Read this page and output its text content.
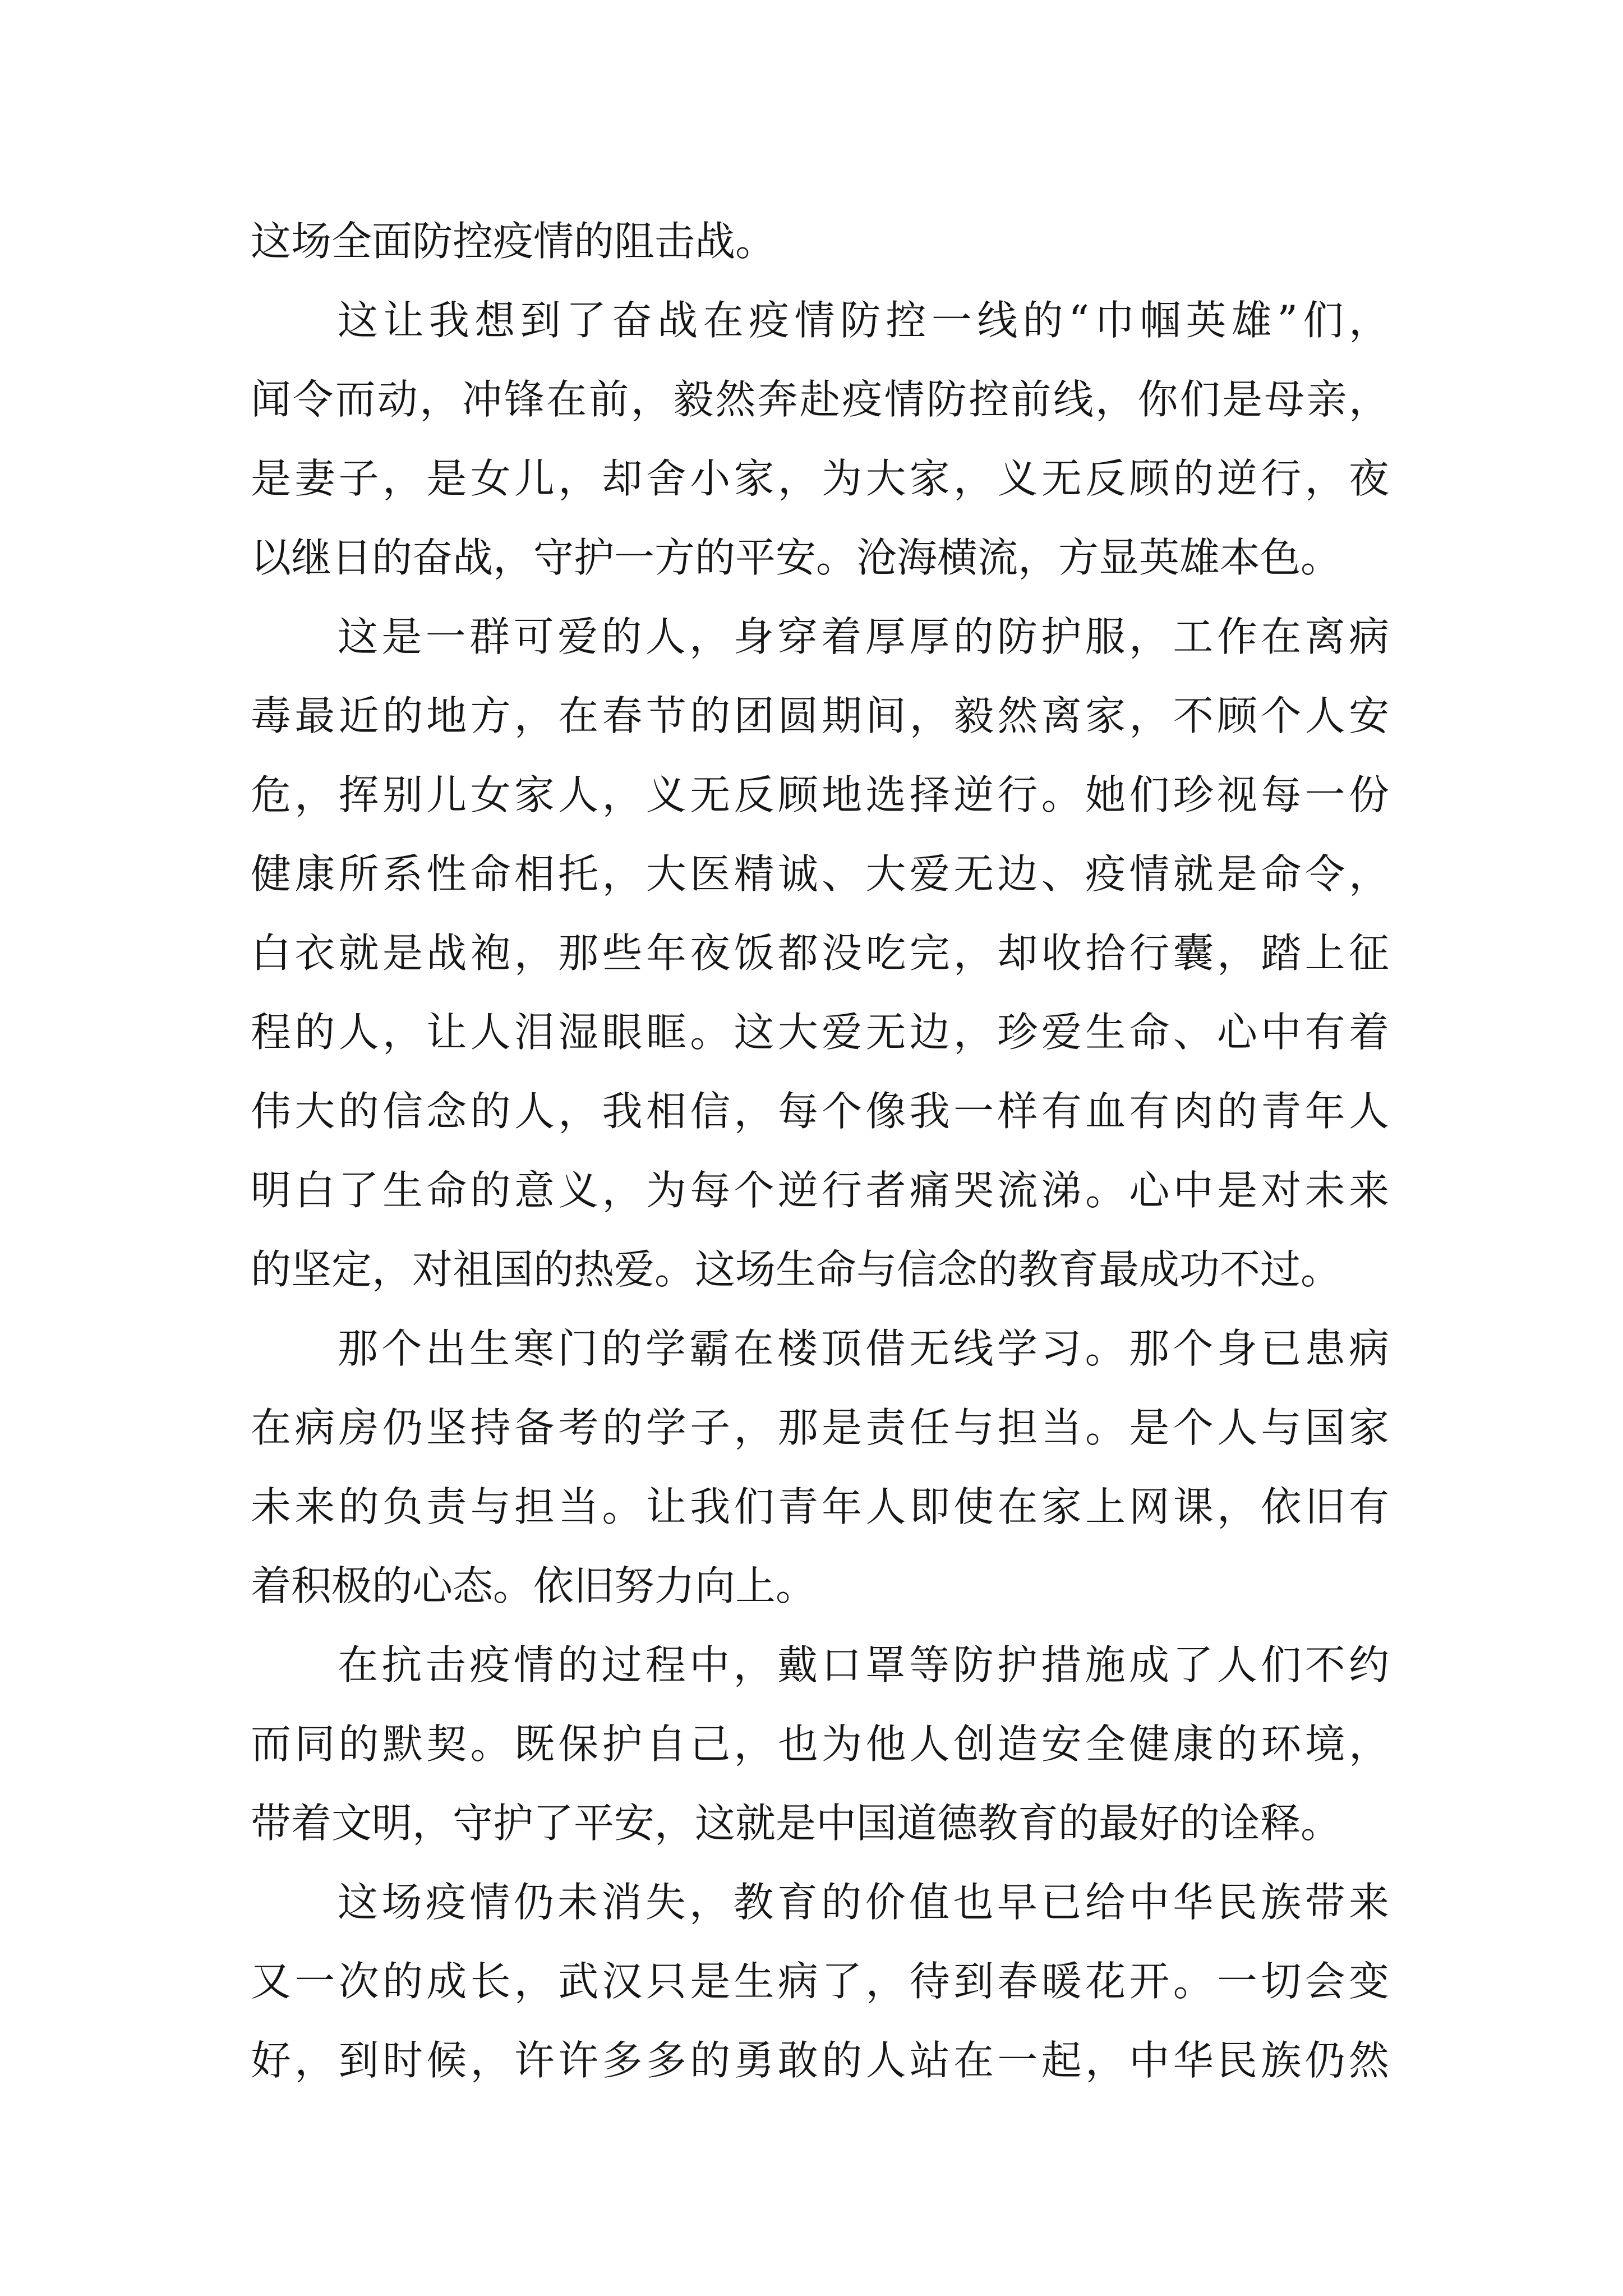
这场全面防控疫情的阻击战。
这让我想到了奋战在疫情防控一线的“巾帼英雄”们，
闻令而动，冲锋在前，毅然奔赴疫情防控前线，你们是母亲，
是妻子，是女儿，却舍小家，为大家，义无反顾的逆行，夜
以继日的奋战，守护一方的平安。沧海横流，方显英雄本色。
这是一群可爱的人，身穿着厚厚的防护服，工作在离病
毒最近的地方，在春节的团圆期间，毅然离家，不顾个人安
危，挥别儿女家人，义无反顾地选择逆行。她们珍视每一份
健康所系性命相托，大医精诚、大爱无边、疫情就是命令，
白衣就是战袍，那些年夜饭都没吃完，却收拾行囊，踏上征
程的人，让人泪湿眼眶。这大爱无边，珍爱生命、心中有着
伟大的信念的人，我相信，每个像我一样有血有肉的青年人
明白了生命的意义，为每个逆行者痛哭流涕。心中是对未来
的坚定，对祖国的热爱。这场生命与信念的教育最成功不过。
那个出生寒门的学霸在楼顶借无线学习。那个身已患病
在病房仍坚持备考的学子，那是责任与担当。是个人与国家
未来的负责与担当。让我们青年人即使在家上网课，依旧有
着积极的心态。依旧努力向上。
在抗击疫情的过程中，戴口罩等防护措施成了人们不约
而同的默契。既保护自己，也为他人创造安全健康的环境，
带着文明，守护了平安，这就是中国道德教育的最好的诠释。
这场疫情仍未消失，教育的价值也早已给中华民族带来
又一次的成长，武汉只是生病了，待到春暖花开。一切会变
好，到时候，许许多多的勇敢的人站在一起，中华民族仍然
